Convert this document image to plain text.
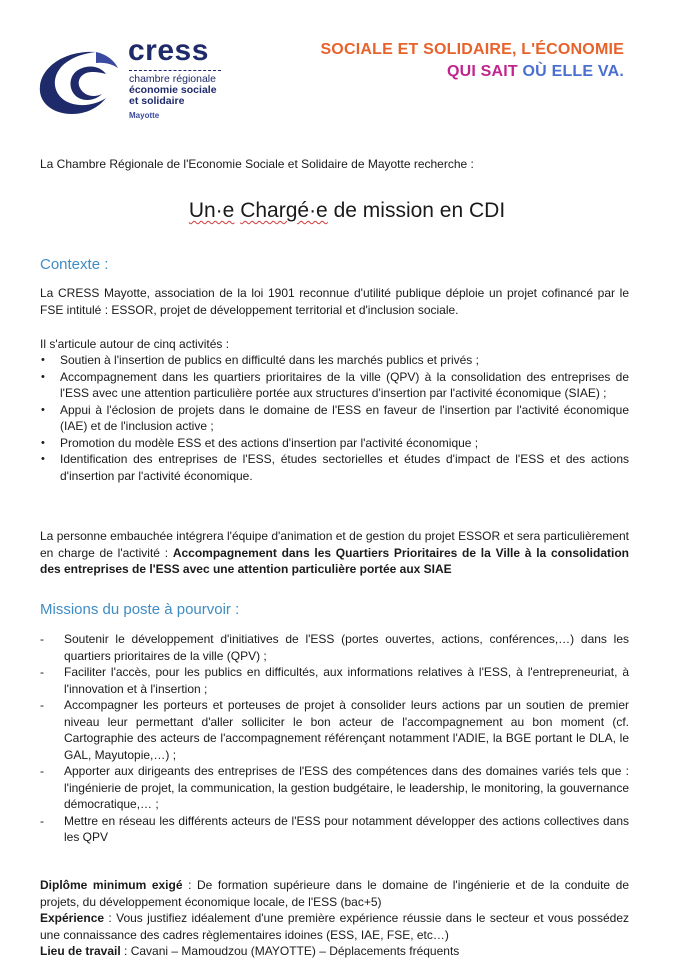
cress
chambre régionale
économie sociale
et solidaire
Mayotte
SOCIALE ET SOLIDAIRE, L'ÉCONOMIE
QUI SAIT OÙ ELLE VA.
La Chambre Régionale de l'Economie Sociale et Solidaire de Mayotte recherche :
Un·e Chargé·e de mission en CDI
Contexte :
La CRESS Mayotte, association de la loi 1901 reconnue d'utilité publique déploie un projet cofinancé par le FSE intitulé : ESSOR, projet de développement territorial et d'inclusion sociale.
Il s'articule autour de cinq activités :
• Soutien à l'insertion de publics en difficulté dans les marchés publics et privés ;
• Accompagnement dans les quartiers prioritaires de la ville (QPV) à la consolidation des entreprises de l'ESS avec une attention particulière portée aux structures d'insertion par l'activité économique (SIAE) ;
• Appui à l'éclosion de projets dans le domaine de l'ESS en faveur de l'insertion par l'activité économique (IAE) et de l'inclusion active ;
• Promotion du modèle ESS et des actions d'insertion par l'activité économique ;
• Identification des entreprises de l'ESS, études sectorielles et études d'impact de l'ESS et des actions d'insertion par l'activité économique.
La personne embauchée intégrera l'équipe d'animation et de gestion du projet ESSOR et sera particulièrement en charge de l'activité : Accompagnement dans les Quartiers Prioritaires de la Ville à la consolidation des entreprises de l'ESS avec une attention particulière portée aux SIAE
Missions du poste à pourvoir :
- Soutenir le développement d'initiatives de l'ESS (portes ouvertes, actions, conférences,…) dans les quartiers prioritaires de la ville (QPV) ;
- Faciliter l'accès, pour les publics en difficultés, aux informations relatives à l'ESS, à l'entrepreneuriat, à l'innovation et à l'insertion ;
- Accompagner les porteurs et porteuses de projet à consolider leurs actions par un soutien de premier niveau leur permettant d'aller solliciter le bon acteur de l'accompagnement au bon moment (cf. Cartographie des acteurs de l'accompagnement référençant notamment l'ADIE, la BGE portant le DLA, le GAL, Mayutopie,…) ;
- Apporter aux dirigeants des entreprises de l'ESS des compétences dans des domaines variés tels que : l'ingénierie de projet, la communication, la gestion budgétaire, le leadership, le monitoring, la gouvernance démocratique,… ;
- Mettre en réseau les différents acteurs de l'ESS pour notamment développer des actions collectives dans les QPV
Diplôme minimum exigé : De formation supérieure dans le domaine de l'ingénierie et de la conduite de projets, du développement économique locale, de l'ESS (bac+5)
Expérience : Vous justifiez idéalement d'une première expérience réussie dans le secteur et vous possédez une connaissance des cadres règlementaires idoines (ESS, IAE, FSE, etc…)
Lieu de travail : Cavani – Mamoudzou (MAYOTTE) – Déplacements fréquents
